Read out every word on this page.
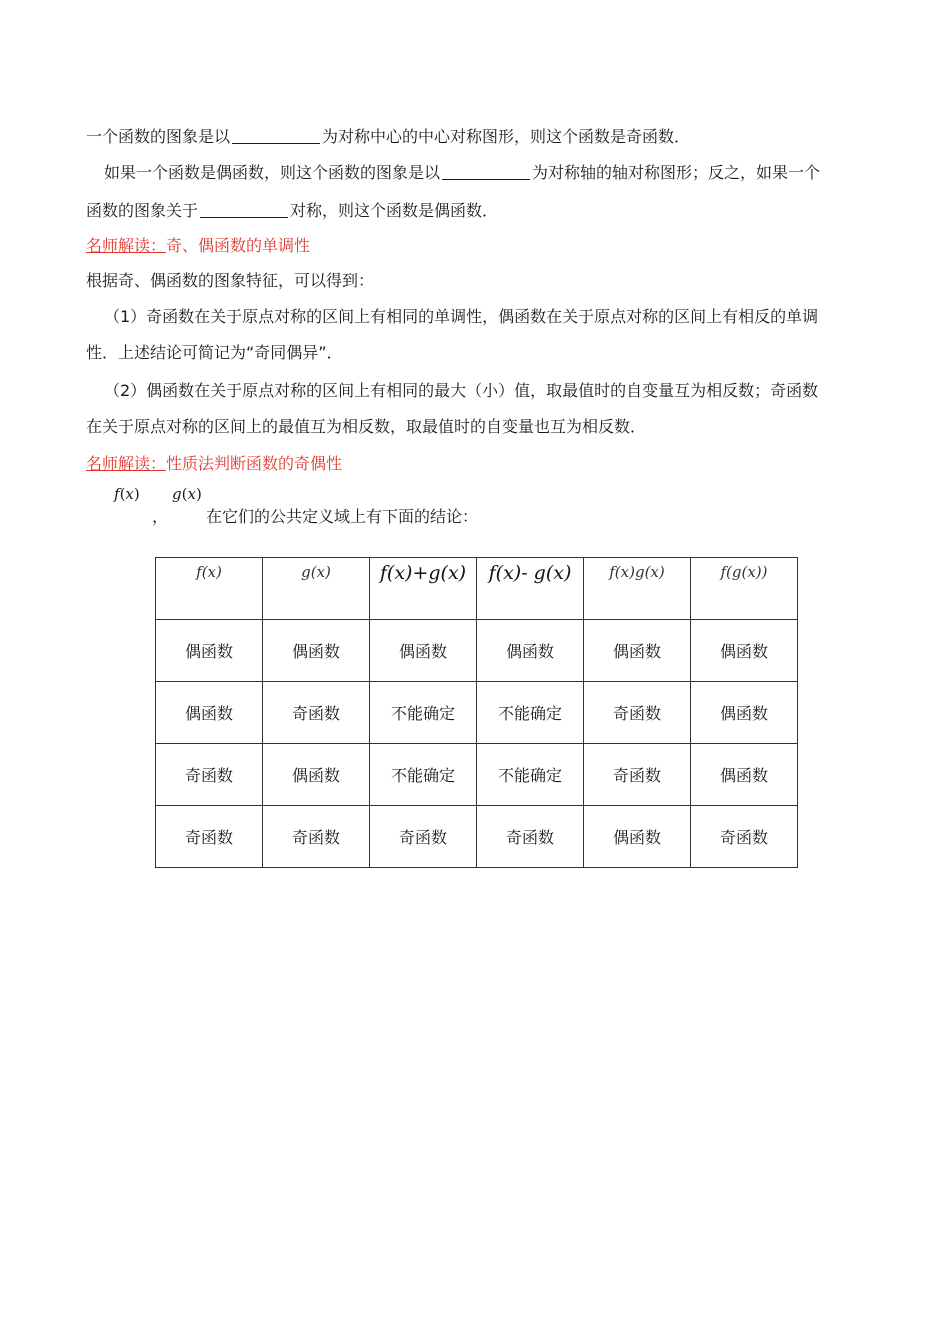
一个函数的图象是以	为对称中心的中心对称图形，则这个函数是奇函数．
如果一个函数是偶函数，则这个函数的图象是以	为对称轴的轴对称图形；反之，如果一个
函数的图象关于	对称，则这个函数是偶函数．
名师解读：奇、偶函数的单调性
根据奇、偶函数的图象特征，可以得到：
（1）奇函数在关于原点对称的区间上有相同的单调性，偶函数在关于原点对称的区间上有相反的单调
性．上述结论可简记为“奇同偶异”．
（2）偶函数在关于原点对称的区间上有相同的最大（小）值，取最值时的自变量互为相反数；奇函数
在关于原点对称的区间上的最值互为相反数，取最值时的自变量也互为相反数．
名师解读：性质法判断函数的奇偶性
f(x) g(x)
， 在它们的公共定义域上有下面的结论：
f(x)	g(x)	f(x)+g(x)	f(x)- g(x)	f(x)g(x)	f(g(x))
偶函数	偶函数	偶函数	偶函数	偶函数	偶函数
偶函数	奇函数	不能确定	不能确定	奇函数	偶函数
奇函数	偶函数	不能确定	不能确定	奇函数	偶函数
奇函数	奇函数	奇函数	奇函数	偶函数	奇函数
